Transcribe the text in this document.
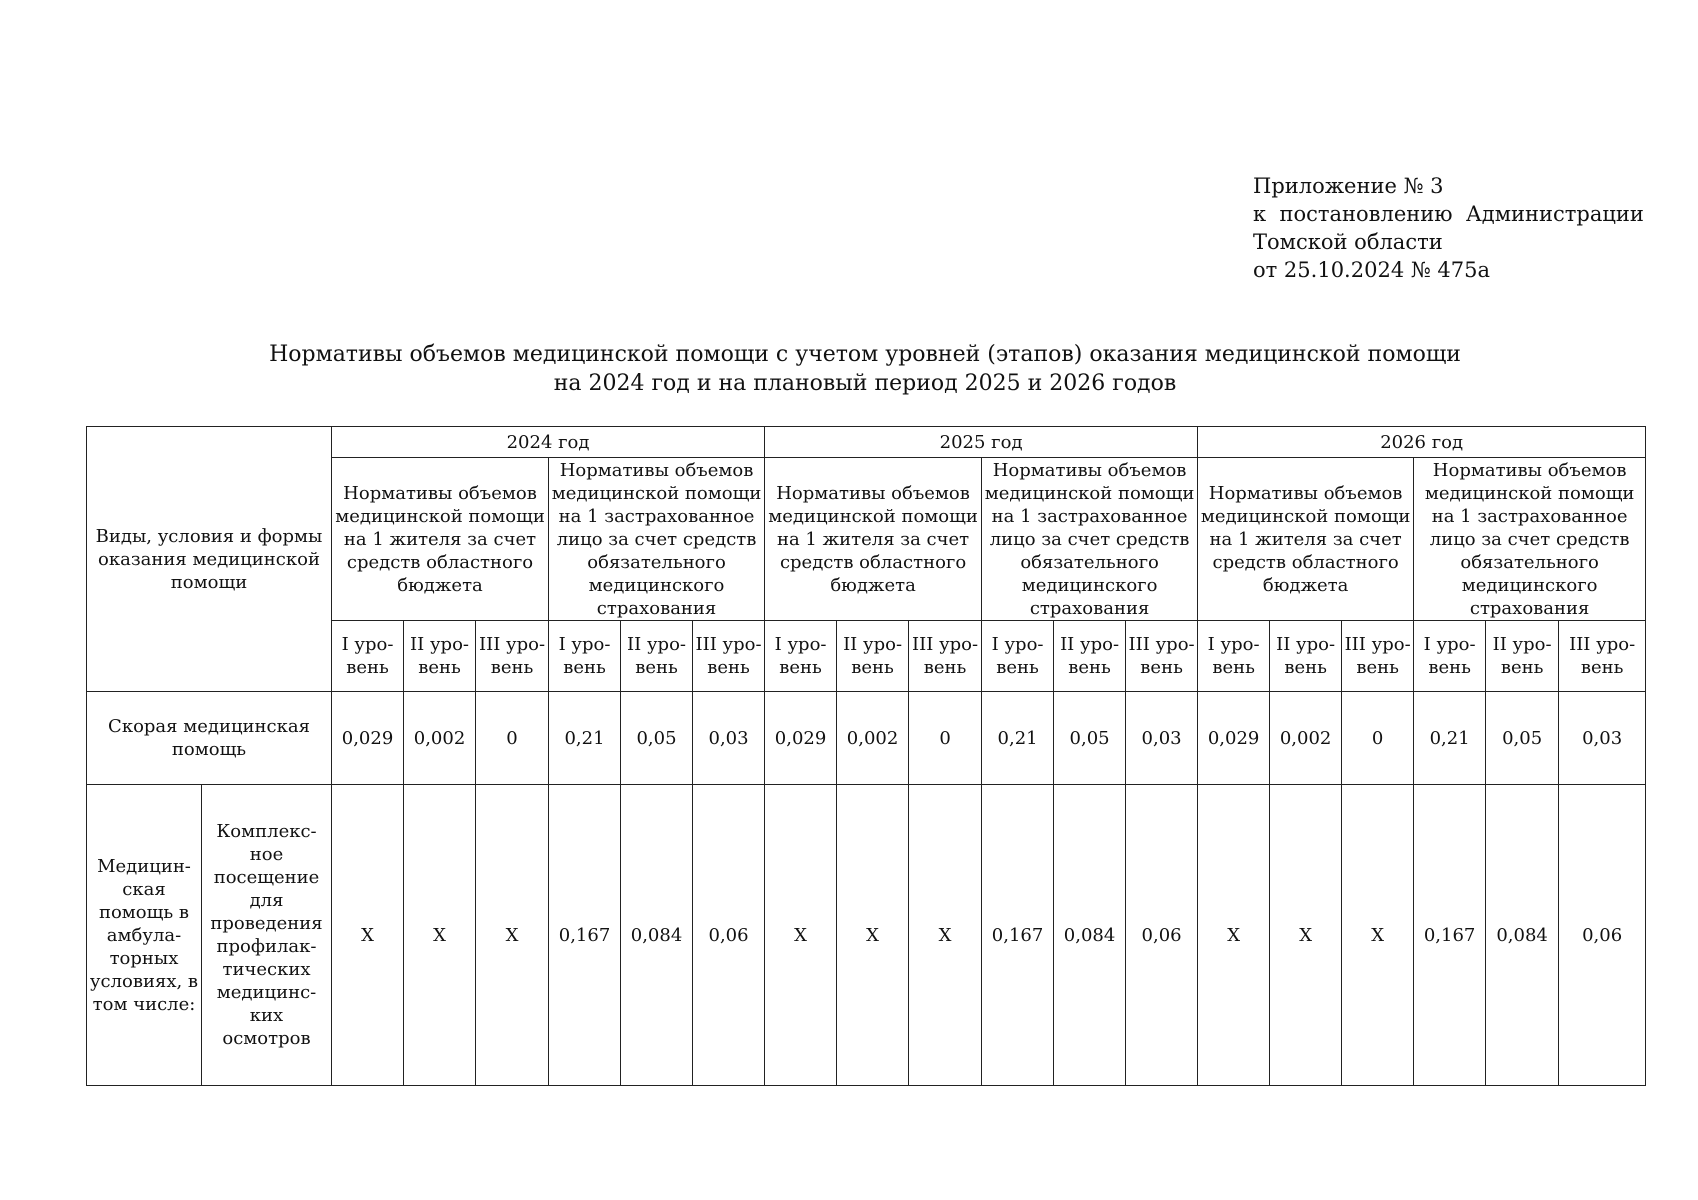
Приложение № 3
к  постановлению  Администрации
Томской области
от 25.10.2024 № 475а
Нормативы объемов медицинской помощи с учетом уровней (этапов) оказания медицинской помощи
на 2024 год и на плановый период 2025 и 2026 годов
Виды, условия и формы оказания медицинской помощи		2024 год						2025 год						2026 год					
		Нормативы объемов медицинской помощи на 1 жителя за счет средств областного бюджета			Нормативы объемов медицинской помощи на 1 застрахованное лицо за счет средств обязательного медицинского страхования			Нормативы объемов медицинской помощи на 1 жителя за счет средств областного бюджета			Нормативы объемов медицинской помощи на 1 застрахованное лицо за счет средств обязательного медицинского страхования			Нормативы объемов медицинской помощи на 1 жителя за счет средств областного бюджета			Нормативы объемов медицинской помощи на 1 застрахованное лицо за счет средств обязательного медицинского страхования		
		I уро-вень	II уро-вень	III уро-вень	I уро-вень	II уро-вень	III уро-вень	I уро-вень	II уро-вень	III уро-вень	I уро-вень	II уро-вень	III уро-вень	I уро-вень	II уро-вень	III уро-вень	I уро-вень	II уро-вень	III уро-вень
Скорая медицинская помощь		0,029	0,002	0	0,21	0,05	0,03	0,029	0,002	0	0,21	0,05	0,03	0,029	0,002	0	0,21	0,05	0,03
Медицин-ская помощь в амбула-торных условиях, в том числе:	Комплекс-ное посещение для проведения профилак-тических медицинс-ких осмотров	Х	Х	Х	0,167	0,084	0,06	Х	Х	Х	0,167	0,084	0,06	Х	Х	Х	0,167	0,084	0,06
